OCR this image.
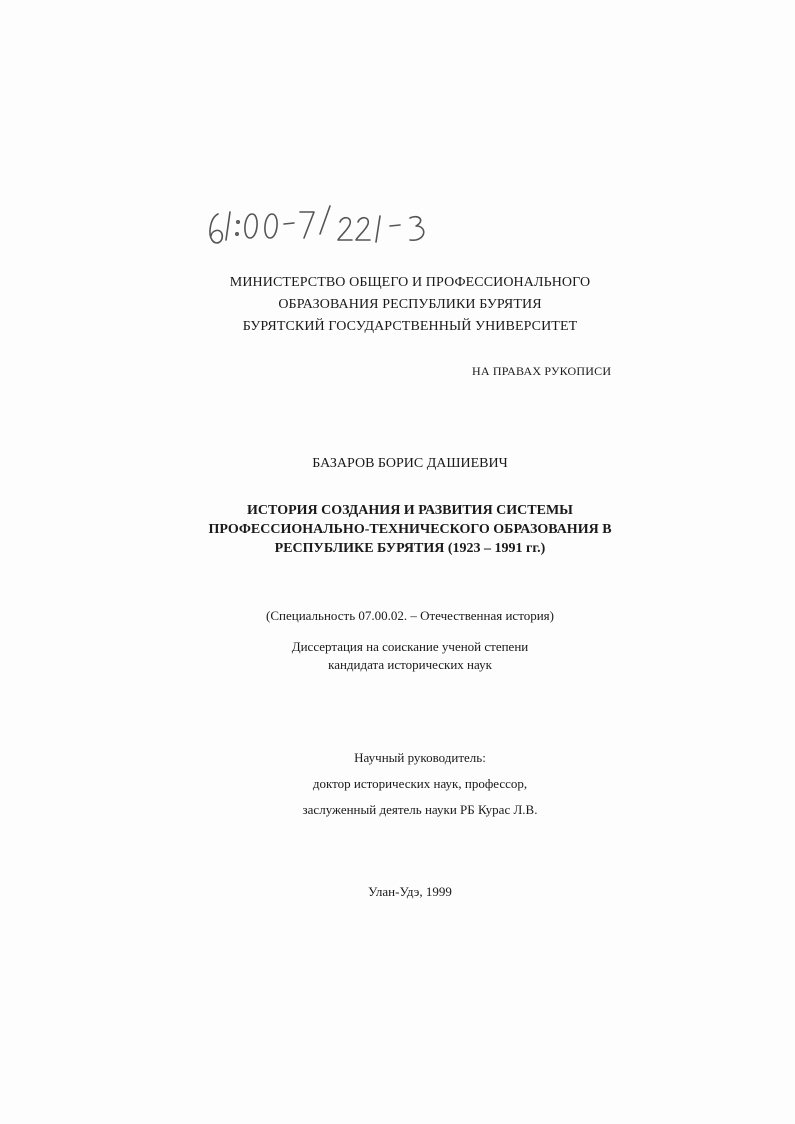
МИНИСТЕРСТВО ОБЩЕГО И ПРОФЕССИОНАЛЬНОГО
ОБРАЗОВАНИЯ РЕСПУБЛИКИ БУРЯТИЯ
БУРЯТСКИЙ ГОСУДАРСТВЕННЫЙ УНИВЕРСИТЕТ
НА ПРАВАХ РУКОПИСИ
БАЗАРОВ БОРИС ДАШИЕВИЧ
ИСТОРИЯ СОЗДАНИЯ И РАЗВИТИЯ СИСТЕМЫ
ПРОФЕССИОНАЛЬНО-ТЕХНИЧЕСКОГО ОБРАЗОВАНИЯ В
РЕСПУБЛИКЕ БУРЯТИЯ (1923 – 1991 гг.)
(Специальность 07.00.02. – Отечественная история)
Диссертация на соискание ученой степени
кандидата исторических наук
Научный руководитель:
доктор исторических наук, профессор,
заслуженный деятель науки РБ Курас Л.В.
Улан-Удэ, 1999
